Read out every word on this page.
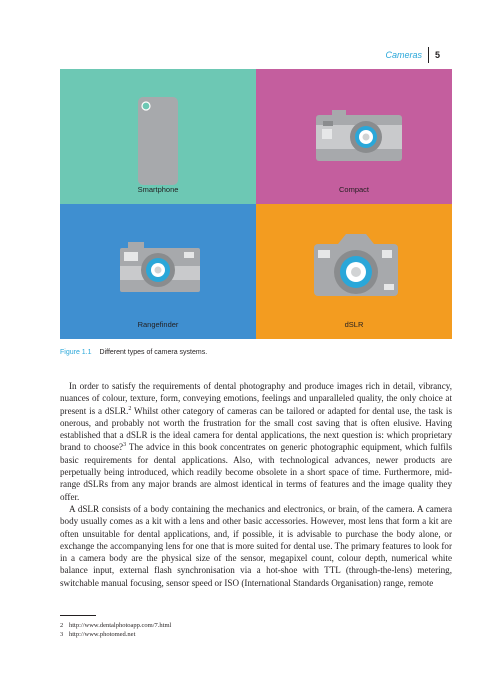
Cameras	5
Smartphone	Compact
Rangefinder	dSLR
Figure 1.1 Different types of camera systems.

In order to satisfy the requirements of dental photography and produce images rich in detail, vibrancy, nuances of colour, texture, form, conveying emotions, feelings and unparalleled quality, the only choice at present is a dSLR.$^2$ Whilst other category of cameras can be tailored or adapted for dental use, the task is onerous, and probably not worth the frustration for the small cost saving that is often elusive. Having established that a dSLR is the ideal camera for dental applications, the next question is: which proprietary brand to choose?$^3$ The advice in this book concentrates on generic photographic equipment, which fulfils basic requirements for dental applications. Also, with technological advances, newer products are perpetually being introduced, which readily become obsolete in a short space of time. Furthermore, mid-range dSLRs from any major brands are almost identical in terms of features and the image quality they offer.

A dSLR consists of a body containing the mechanics and electronics, or brain, of the camera. A camera body usually comes as a kit with a lens and other basic accessories. However, most lens that form a kit are often unsuitable for dental applications, and, if possible, it is advisable to purchase the body alone, or exchange the accompanying lens for one that is more suited for dental use. The primary features to look for in a camera body are the physical size of the sensor, megapixel count, colour depth, numerical white balance input, external flash synchronisation via a hot-shoe with TTL (through-the-lens) metering, switchable manual focusing, sensor speed or ISO (International Standards Organisation) range, remote

2 http://www.dentalphotoapp.com/7.html
3 http://www.photomed.net
